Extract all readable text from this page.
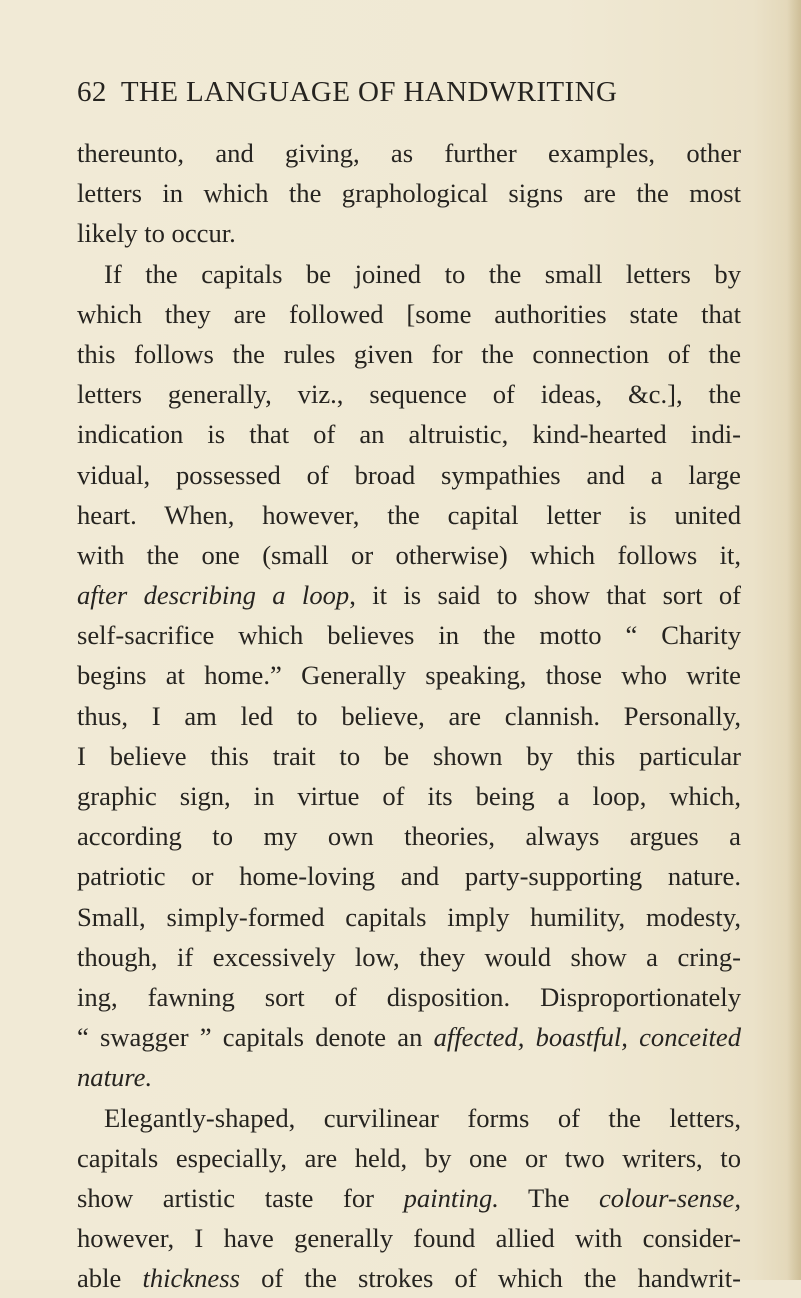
62 THE LANGUAGE OF HANDWRITING
thereunto, and giving, as further examples, other
letters in which the graphological signs are the most
likely to occur.
If the capitals be joined to the small letters by
which they are followed [some authorities state that
this follows the rules given for the connection of the
letters generally, viz., sequence of ideas, &c.], the
indication is that of an altruistic, kind-hearted indi-
vidual, possessed of broad sympathies and a large
heart. When, however, the capital letter is united
with the one (small or otherwise) which follows it,
after describing a loop, it is said to show that sort of
self-sacrifice which believes in the motto “ Charity
begins at home.” Generally speaking, those who write
thus, I am led to believe, are clannish. Personally,
I believe this trait to be shown by this particular
graphic sign, in virtue of its being a loop, which,
according to my own theories, always argues a
patriotic or home-loving and party-supporting nature.
Small, simply-formed capitals imply humility, modesty,
though, if excessively low, they would show a cring-
ing, fawning sort of disposition. Disproportionately
“ swagger ” capitals denote an affected, boastful, conceited
nature.
Elegantly-shaped, curvilinear forms of the letters,
capitals especially, are held, by one or two writers, to
show artistic taste for painting. The colour-sense,
however, I have generally found allied with consider-
able thickness of the strokes of which the handwrit-
